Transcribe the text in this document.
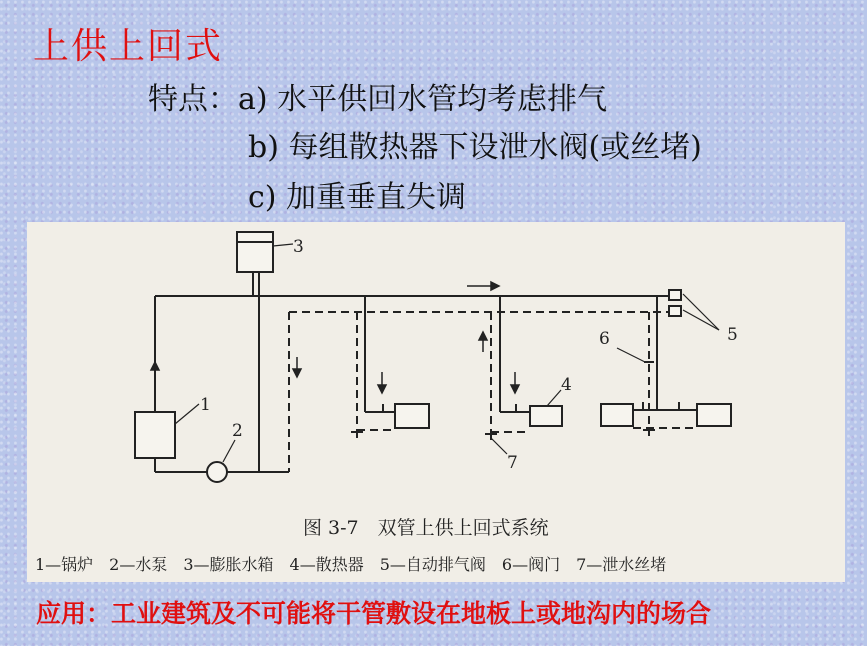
上供上回式
特点：a) 水平供回水管均考虑排气
b) 每组散热器下设泄水阀(或丝堵)
c) 加重垂直失调
1
2
3
4
5
6
7
图 3-7　双管上供上回式系统
1—锅炉　2—水泵　3—膨胀水箱　4—散热器　5—自动排气阀　6—阀门　7—泄水丝堵
应用：工业建筑及不可能将干管敷设在地板上或地沟内的场合
